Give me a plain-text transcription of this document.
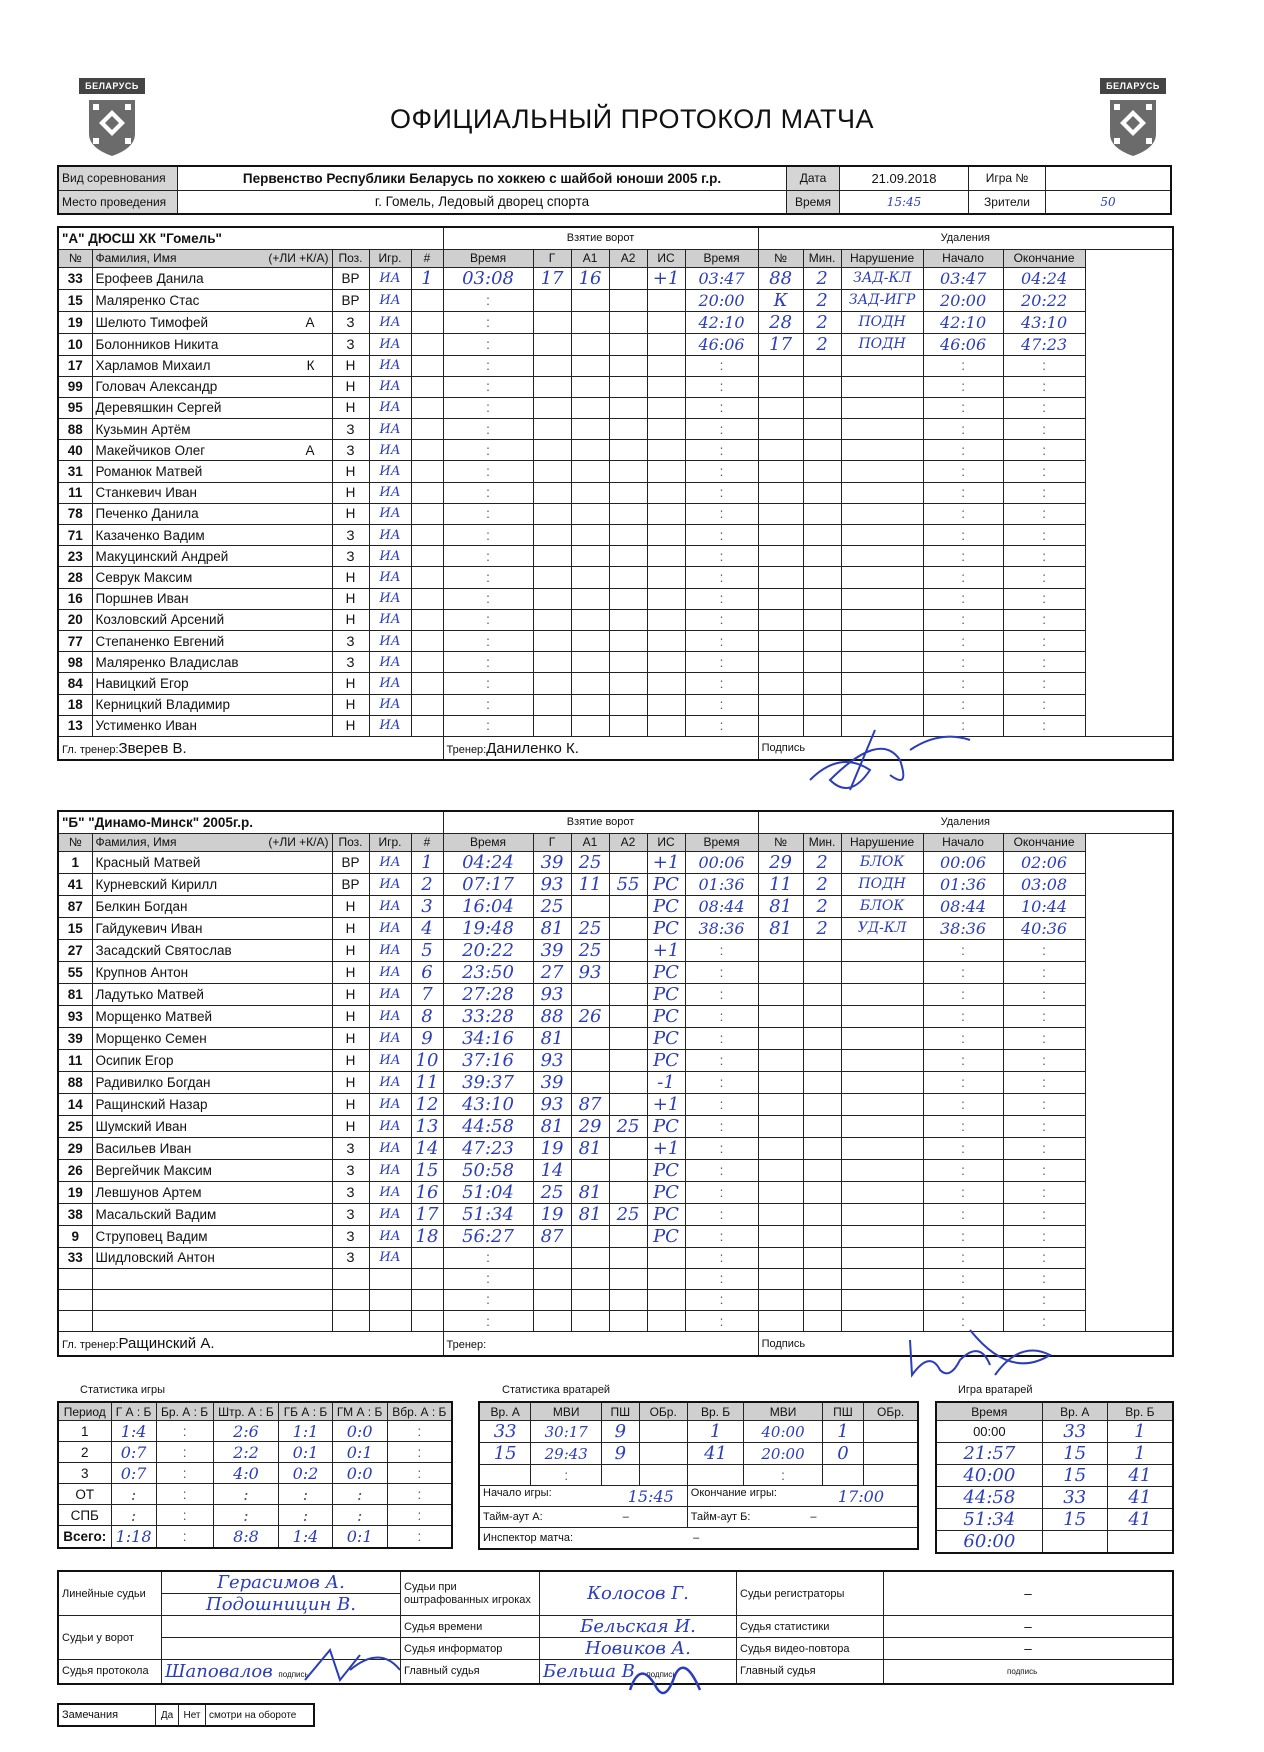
БЕЛАРУСЬ	БЕЛАРУСЬ
ОФИЦИАЛЬНЫЙ ПРОТОКОЛ МАТЧА
Вид соревнования	Первенство Республики Беларусь по хоккею с шайбой юноши 2005 г.р.	Дата	21.09.2018	Игра №	
Место проведения	г. Гомель, Ледовый дворец спорта	Время	15:45	Зрители	50
"А" ДЮСШ ХК "Гомель"					Взятие ворот						Удаления				
№	Фамилия, Имя (+ЛИ +К/А)	Поз.	Игр.	#	Время	Г	А1	А2	ИС	Время	№	Мин.	Нарушение	Начало	Окончание
33	Ерофеев Данила	ВР	ИА	1	03:08	17	16		+1	03:47	88	2	ЗАД-КЛ	03:47	04:24
15	Маляренко Стас	ВР	ИА		:					20:00	К	2	ЗАД-ИГР	20:00	20:22
19	Шелюто Тимофей А	З	ИА		:					42:10	28	2	ПОДН	42:10	43:10
10	Болонников Никита	З	ИА		:					46:06	17	2	ПОДН	46:06	47:23
17	Харламов Михаил К	Н	ИА		:					:				:	:
99	Головач Александр	Н	ИА		:					:				:	:
95	Деревяшкин Сергей	Н	ИА		:					:				:	:
88	Кузьмин Артём	З	ИА		:					:				:	:
40	Макейчиков Олег А	З	ИА		:					:				:	:
31	Романюк Матвей	Н	ИА		:					:				:	:
11	Станкевич Иван	Н	ИА		:					:				:	:
78	Печенко Данила	Н	ИА		:					:				:	:
71	Казаченко Вадим	З	ИА		:					:				:	:
23	Макуцинский Андрей	З	ИА		:					:				:	:
28	Севрук Максим	Н	ИА		:					:				:	:
16	Поршнев Иван	Н	ИА		:					:				:	:
20	Козловский Арсений	Н	ИА		:					:				:	:
77	Степаненко Евгений	З	ИА		:					:				:	:
98	Маляренко Владислав	З	ИА		:					:				:	:
84	Навицкий Егор	Н	ИА		:					:				:	:
18	Керницкий Владимир	Н	ИА		:					:				:	:
13	Устименко Иван	Н	ИА		:					:				:	:
Гл. тренер:Зверев В.					Тренер:Даниленко К.						Подпись				
"Б" "Динамо-Минск" 2005г.р.					Взятие ворот						Удаления				
№	Фамилия, Имя (+ЛИ +К/А)	Поз.	Игр.	#	Время	Г	А1	А2	ИС	Время	№	Мин.	Нарушение	Начало	Окончание
1	Красный Матвей	ВР	ИА	1	04:24	39	25		+1	00:06	29	2	БЛОК	00:06	02:06
41	Курневский Кирилл	ВР	ИА	2	07:17	93	11	55	РС	01:36	11	2	ПОДН	01:36	03:08
87	Белкин Богдан	Н	ИА	3	16:04	25			РС	08:44	81	2	БЛОК	08:44	10:44
15	Гайдукевич Иван	Н	ИА	4	19:48	81	25		РС	38:36	81	2	УД-КЛ	38:36	40:36
27	Засадский Святослав	Н	ИА	5	20:22	39	25		+1	:				:	:
55	Крупнов Антон	Н	ИА	6	23:50	27	93		РС	:				:	:
81	Ладутько Матвей	Н	ИА	7	27:28	93			РС	:				:	:
93	Морщенко Матвей	Н	ИА	8	33:28	88	26		РС	:				:	:
39	Морщенко Семен	Н	ИА	9	34:16	81			РС	:				:	:
11	Осипик Егор	Н	ИА	10	37:16	93			РС	:				:	:
88	Радивилко Богдан	Н	ИА	11	39:37	39			-1	:				:	:
14	Ращинский Назар	Н	ИА	12	43:10	93	87		+1	:				:	:
25	Шумский Иван	Н	ИА	13	44:58	81	29	25	РС	:				:	:
29	Васильев Иван	З	ИА	14	47:23	19	81		+1	:				:	:
26	Вергейчик Максим	З	ИА	15	50:58	14			РС	:				:	:
19	Левшунов Артем	З	ИА	16	51:04	25	81		РС	:				:	:
38	Масальский Вадим	З	ИА	17	51:34	19	81	25	РС	:				:	:
9	Струповец Вадим	З	ИА	18	56:27	87			РС	:				:	:
33	Шидловский Антон	З	ИА		:					:				:	:
					:					:				:	:
					:					:				:	:
					:					:				:	:
Гл. тренер:Ращинский А.					Тренер:						Подпись				
Статистика игры
Период	Г А : Б	Бр. А : Б	Штр. А : Б	ГБ А : Б	ГМ А : Б	Вбр. А : Б
1	1:4	:	2:6	1:1	0:0	:
2	0:7	:	2:2	0:1	0:1	:
3	0:7	:	4:0	0:2	0:0	:
ОТ	:	:	:	:	:	:
СПБ	:	:	:	:	:	:
Всего:	1:18	:	8:8	1:4	0:1	:
Статистика вратарей
Вр. А	МВИ	ПШ	ОБр.	Вр. Б	МВИ	ПШ	ОБр.
33	30:17	9		1	40:00	1	
15	29:43	9		41	20:00	0	
	:				:		
Начало игры: 15:45				Окончание игры: 17:00			

Тайм-аут А: –				Тайм-аут Б: –			
Инспектор матча: –							
Игра вратарей
Время	Вр. А	Вр. Б
00:00	33	1
21:57	15	1
40:00	15	41
44:58	33	41
51:34	15	41
60:00		
Линейные судьи	Герасимов А.	Судьи при оштрафованных игроках	Колосов Г.	Судьи регистраторы	–
	Подошницин В.				
Судьи у ворот		Судья времени	Бельская И.	Судья статистики	–
		Судья информатор	Новиков А.	Судья видео-повтора	–
Судья протокола	Шаповалов подпись	Главный судья	Бельша В. подпись	Главный судья	подпись
Замечания	Да	Нет	смотри на обороте
